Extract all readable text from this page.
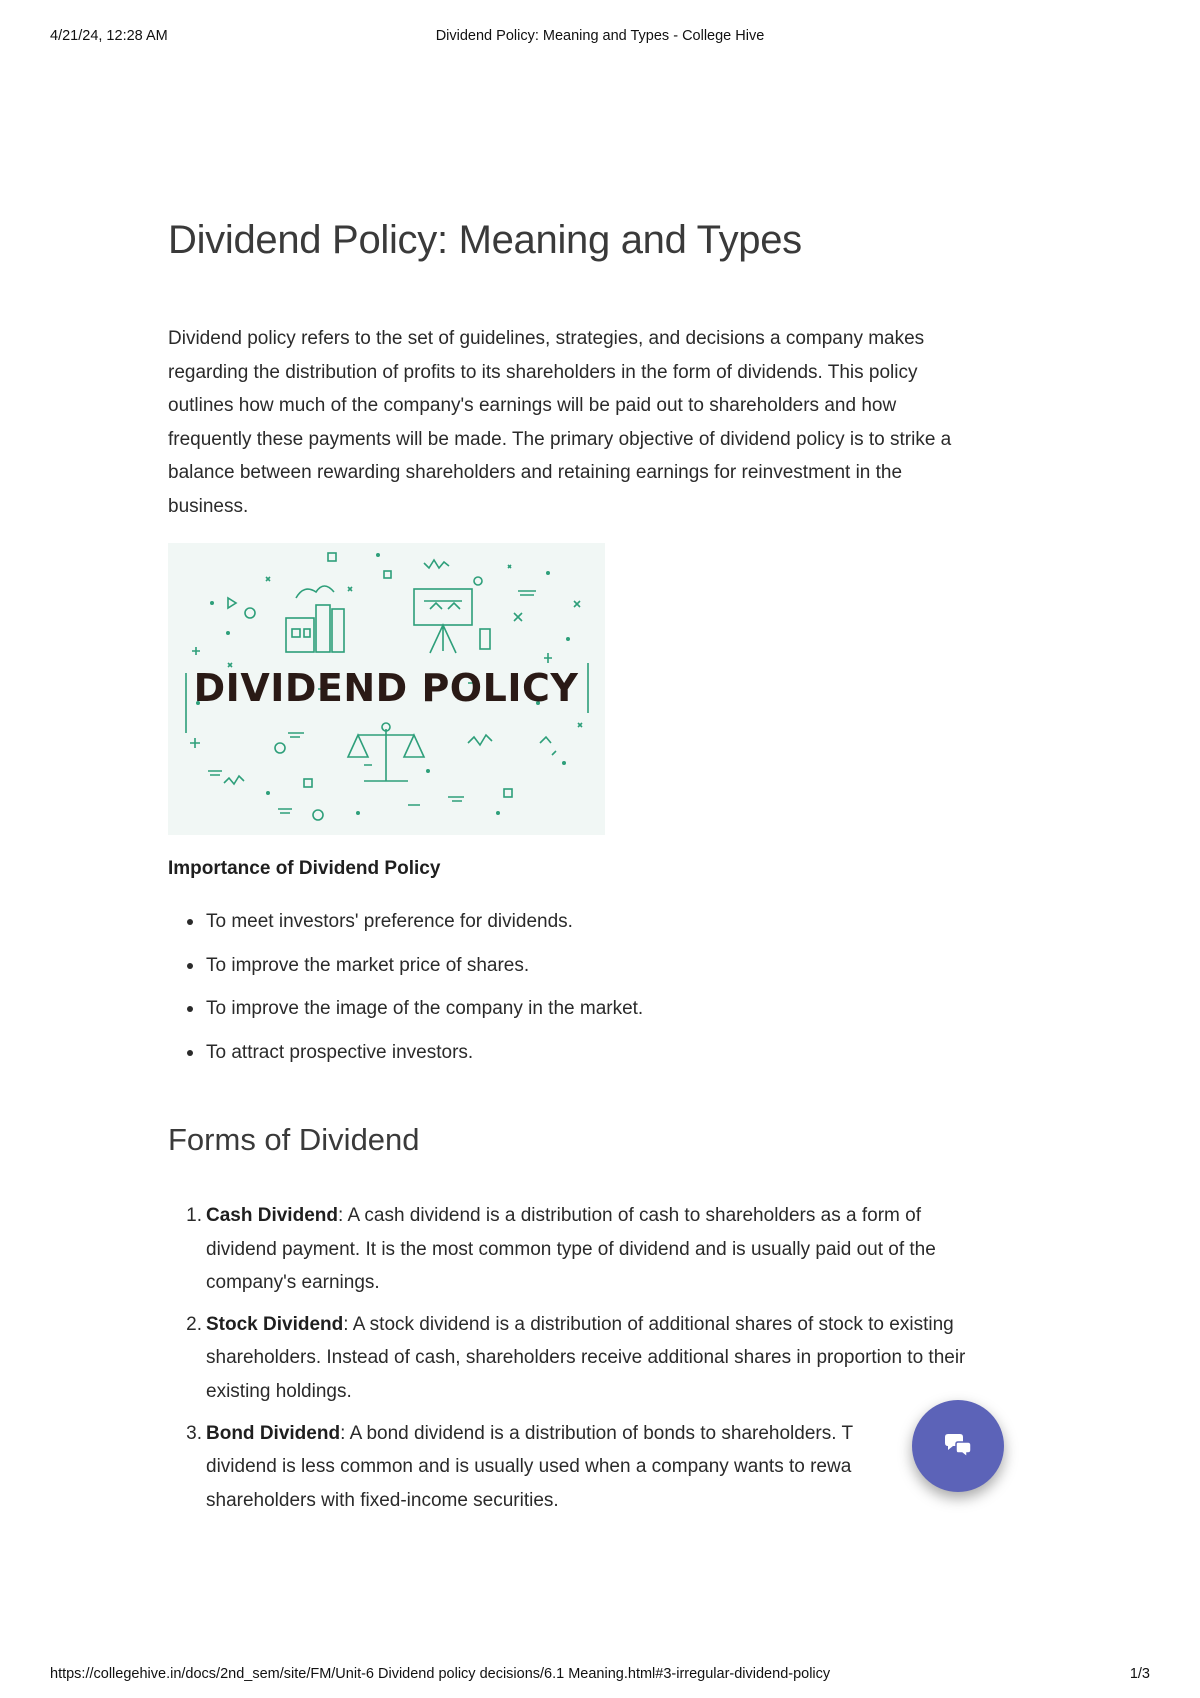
4/21/24, 12:28 AM	Dividend Policy: Meaning and Types - College Hive
Dividend Policy: Meaning and Types

Dividend policy refers to the set of guidelines, strategies, and decisions a company makes
regarding the distribution of profits to its shareholders in the form of dividends. This policy
outlines how much of the company's earnings will be paid out to shareholders and how
frequently these payments will be made. The primary objective of dividend policy is to strike a
balance between rewarding shareholders and retaining earnings for reinvestment in the
business.

DIVIDEND POLICY

Importance of Dividend Policy

To meet investors' preference for dividends.
To improve the market price of shares.
To improve the image of the company in the market.
To attract prospective investors.
Forms of Dividend
1. Cash Dividend: A cash dividend is a distribution of cash to shareholders as a form of
dividend payment. It is the most common type of dividend and is usually paid out of the
company's earnings.
2. Stock Dividend: A stock dividend is a distribution of additional shares of stock to existing
shareholders. Instead of cash, shareholders receive additional shares in proportion to their
existing holdings.
3. Bond Dividend: A bond dividend is a distribution of bonds to shareholders. T

dividend is less common and is usually used when a company wants to rewa
shareholders with fixed-income securities.
https://collegehive.in/docs/2nd_sem/site/FM/Unit-6 Dividend policy decisions/6.1 Meaning.html#3-irregular-dividend-policy	1/3
